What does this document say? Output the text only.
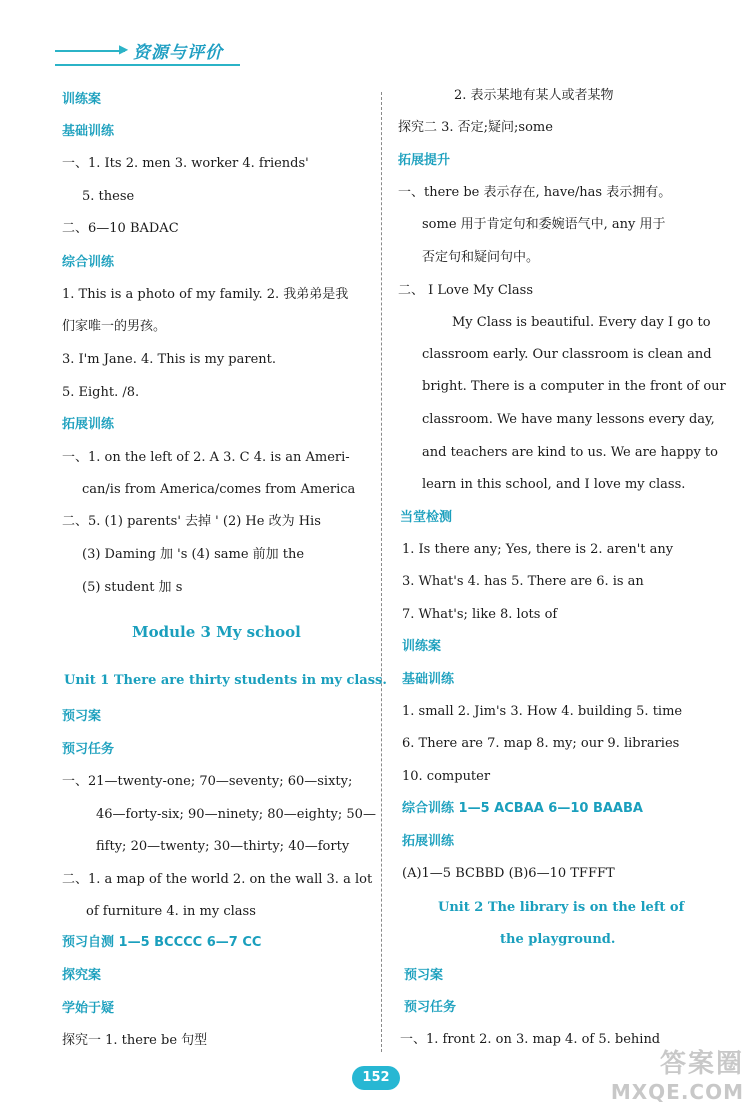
▶ 资源与评价
训练案
基础训练
一、1. Its 2. men 3. worker 4. friends'
5. these
二、6—10 BADAC
综合训练
1. This is a photo of my family. 2. 我弟弟是我
们家唯一的男孩。
3. I'm Jane. 4. This is my parent.
5. Eight. /8.
拓展训练
一、1. on the left of 2. A 3. C 4. is an Ameri-
can/is from America/comes from America
二、5. (1) parents' 去掉 ' (2) He 改为 His
(3) Daming 加 's (4) same 前加 the
(5) student 加 s
Module 3 My school
Unit 1 There are thirty students in my class.
预习案
预习任务
一、21—twenty-one; 70—seventy; 60—sixty;
46—forty-six; 90—ninety; 80—eighty; 50—
fifty; 20—twenty; 30—thirty; 40—forty
二、1. a map of the world 2. on the wall 3. a lot
of furniture 4. in my class
预习自测 1—5 BCCCC 6—7 CC
探究案
学始于疑
探究一 1. there be 句型
2. 表示某地有某人或者某物
探究二 3. 否定;疑问;some
拓展提升
一、there be 表示存在, have/has 表示拥有。
some 用于肯定句和委婉语气中, any 用于
否定句和疑问句中。
二、 I Love My Class
My Class is beautiful. Every day I go to
classroom early. Our classroom is clean and
bright. There is a computer in the front of our
classroom. We have many lessons every day,
and teachers are kind to us. We are happy to
learn in this school, and I love my class.
当堂检测
1. Is there any; Yes, there is 2. aren't any
3. What's 4. has 5. There are 6. is an
7. What's; like 8. lots of
训练案
基础训练
1. small 2. Jim's 3. How 4. building 5. time
6. There are 7. map 8. my; our 9. libraries
10. computer
综合训练 1—5 ACBAA 6—10 BAABA
拓展训练
(A)1—5 BCBBD (B)6—10 TFFFT
Unit 2 The library is on the left of
the playground.
预习案
预习任务
一、1. front 2. on 3. map 4. of 5. behind
152	答案圈
MXQE.COM
